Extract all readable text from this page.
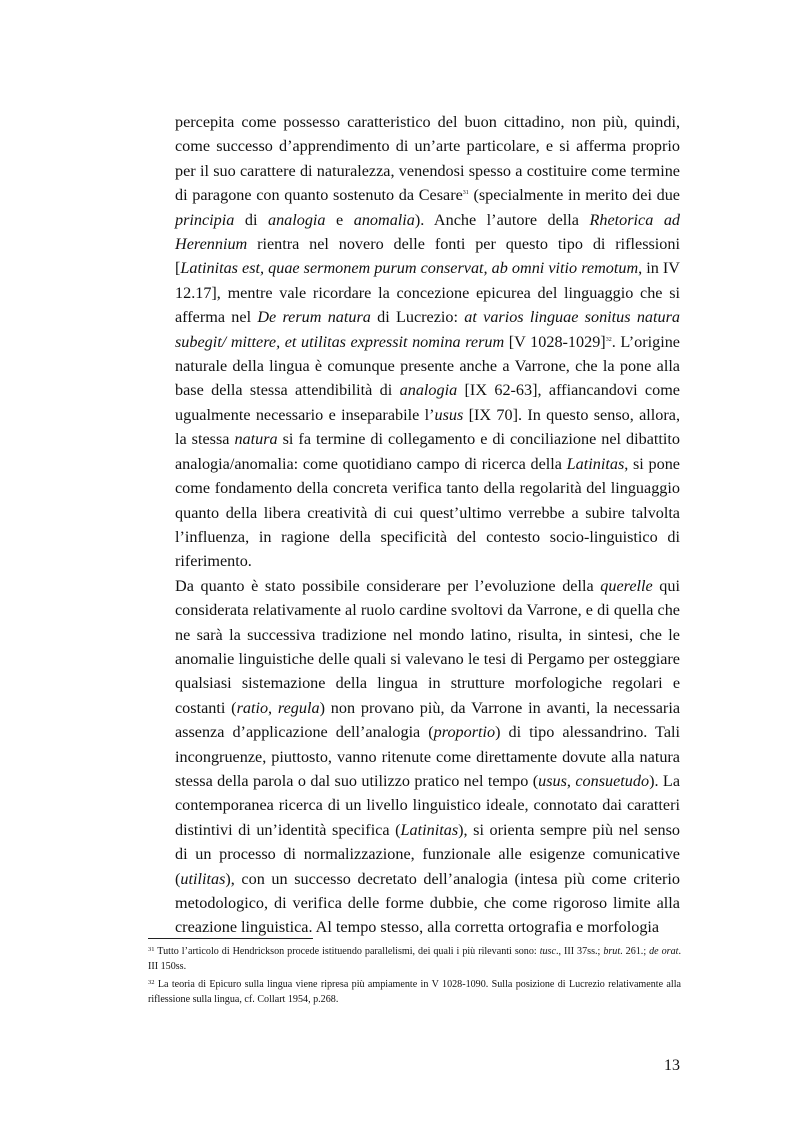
percepita come possesso caratteristico del buon cittadino, non più, quindi, come successo d’apprendimento di un’arte particolare, e si afferma proprio per il suo carattere di naturalezza, venendosi spesso a costituire come termine di paragone con quanto sostenuto da Cesare$^{31}$ (specialmente in merito dei due principia di analogia e anomalia). Anche l’autore della Rhetorica ad Herennium rientra nel novero delle fonti per questo tipo di riflessioni [Latinitas est, quae sermonem purum conservat, ab omni vitio remotum, in IV 12.17], mentre vale ricordare la concezione epicurea del linguaggio che si afferma nel De rerum natura di Lucrezio: at varios linguae sonitus natura subegit/ mittere, et utilitas expressit nomina rerum [V 1028-1029]$^{32}$. L’origine naturale della lingua è comunque presente anche a Varrone, che la pone alla base della stessa attendibilità di analogia [IX 62-63], affiancandovi come ugualmente necessario e inseparabile l’usus [IX 70]. In questo senso, allora, la stessa natura si fa termine di collegamento e di conciliazione nel dibattito analogia/anomalia: come quotidiano campo di ricerca della Latinitas, si pone come fondamento della concreta verifica tanto della regolarità del linguaggio quanto della libera creatività di cui quest’ultimo verrebbe a subire talvolta l’influenza, in ragione della specificità del contesto socio-linguistico di riferimento.

Da quanto è stato possibile considerare per l’evoluzione della querelle qui considerata relativamente al ruolo cardine svoltovi da Varrone, e di quella che ne sarà la successiva tradizione nel mondo latino, risulta, in sintesi, che le anomalie linguistiche delle quali si valevano le tesi di Pergamo per osteggiare qualsiasi sistemazione della lingua in strutture morfologiche regolari e costanti (ratio, regula) non provano più, da Varrone in avanti, la necessaria assenza d’applicazione dell’analogia (proportio) di tipo alessandrino. Tali incongruenze, piuttosto, vanno ritenute come direttamente dovute alla natura stessa della parola o dal suo utilizzo pratico nel tempo (usus, consuetudo). La contemporanea ricerca di un livello linguistico ideale, connotato dai caratteri distintivi di un’identità specifica (Latinitas), si orienta sempre più nel senso di un processo di normalizzazione, funzionale alle esigenze comunicative (utilitas), con un successo decretato dell’analogia (intesa più come criterio metodologico, di verifica delle forme dubbie, che come rigoroso limite alla creazione linguistica. Al tempo stesso, alla corretta ortografia e morfologia

$^{31}$ Tutto l’articolo di Hendrickson procede istituendo parallelismi, dei quali i più rilevanti sono: tusc., III 37ss.; brut. 261.; de orat. III 150ss.

$^{32}$ La teoria di Epicuro sulla lingua viene ripresa più ampiamente in V 1028-1090. Sulla posizione di Lucrezio relativamente alla riflessione sulla lingua, cf. Collart 1954, p.268.

13
